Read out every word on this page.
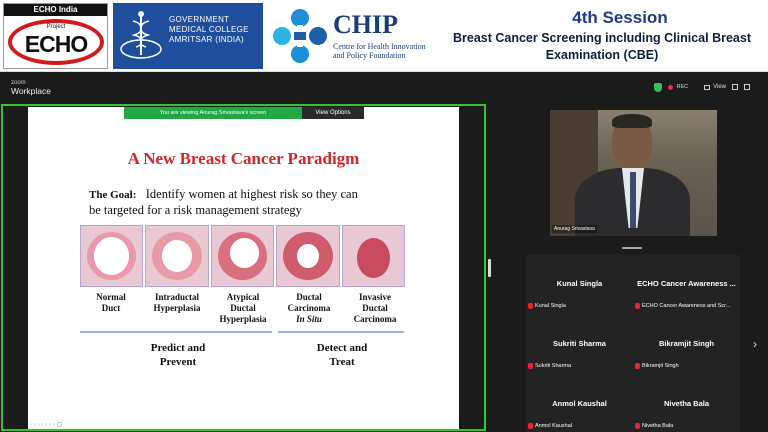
ECHO India
Project
ECHO
GOVERNMENT
MEDICAL COLLEGE
AMRITSAR (INDIA)
CHIP
Centre for Health Innovation
and Policy Foundation
4th Session
Breast Cancer Screening including Clinical Breast
Examination (CBE)
zoom
Workplace	REC	View
You are viewing Anurag Srivastava's screen	View Options
A New Breast Cancer Paradigm
The Goal: Identify women at highest risk so they can
be targeted for a risk management strategy
Normal
Duct
Intraductal
Hyperplasia
Atypical
Ductal
Hyperplasia
Ductal
Carcinoma
In Situ
Invasive
Ductal
Carcinoma
Predict and
Prevent
Detect and
Treat
◦ ◦ ◦ ◦ ◦ ◦ ◦ ▢
Anurag Srivastava
Kunal Singla
Kunal Singla
ECHO Cancer Awareness ...
ECHO Cancer Awareness and Scr...
Sukriti Sharma
Sukriti Sharma
Bikramjit Singh
Bikramjit Singh
Anmol Kaushal
Anmol Kaushal
Nivetha Bala
Nivetha Bala
›
